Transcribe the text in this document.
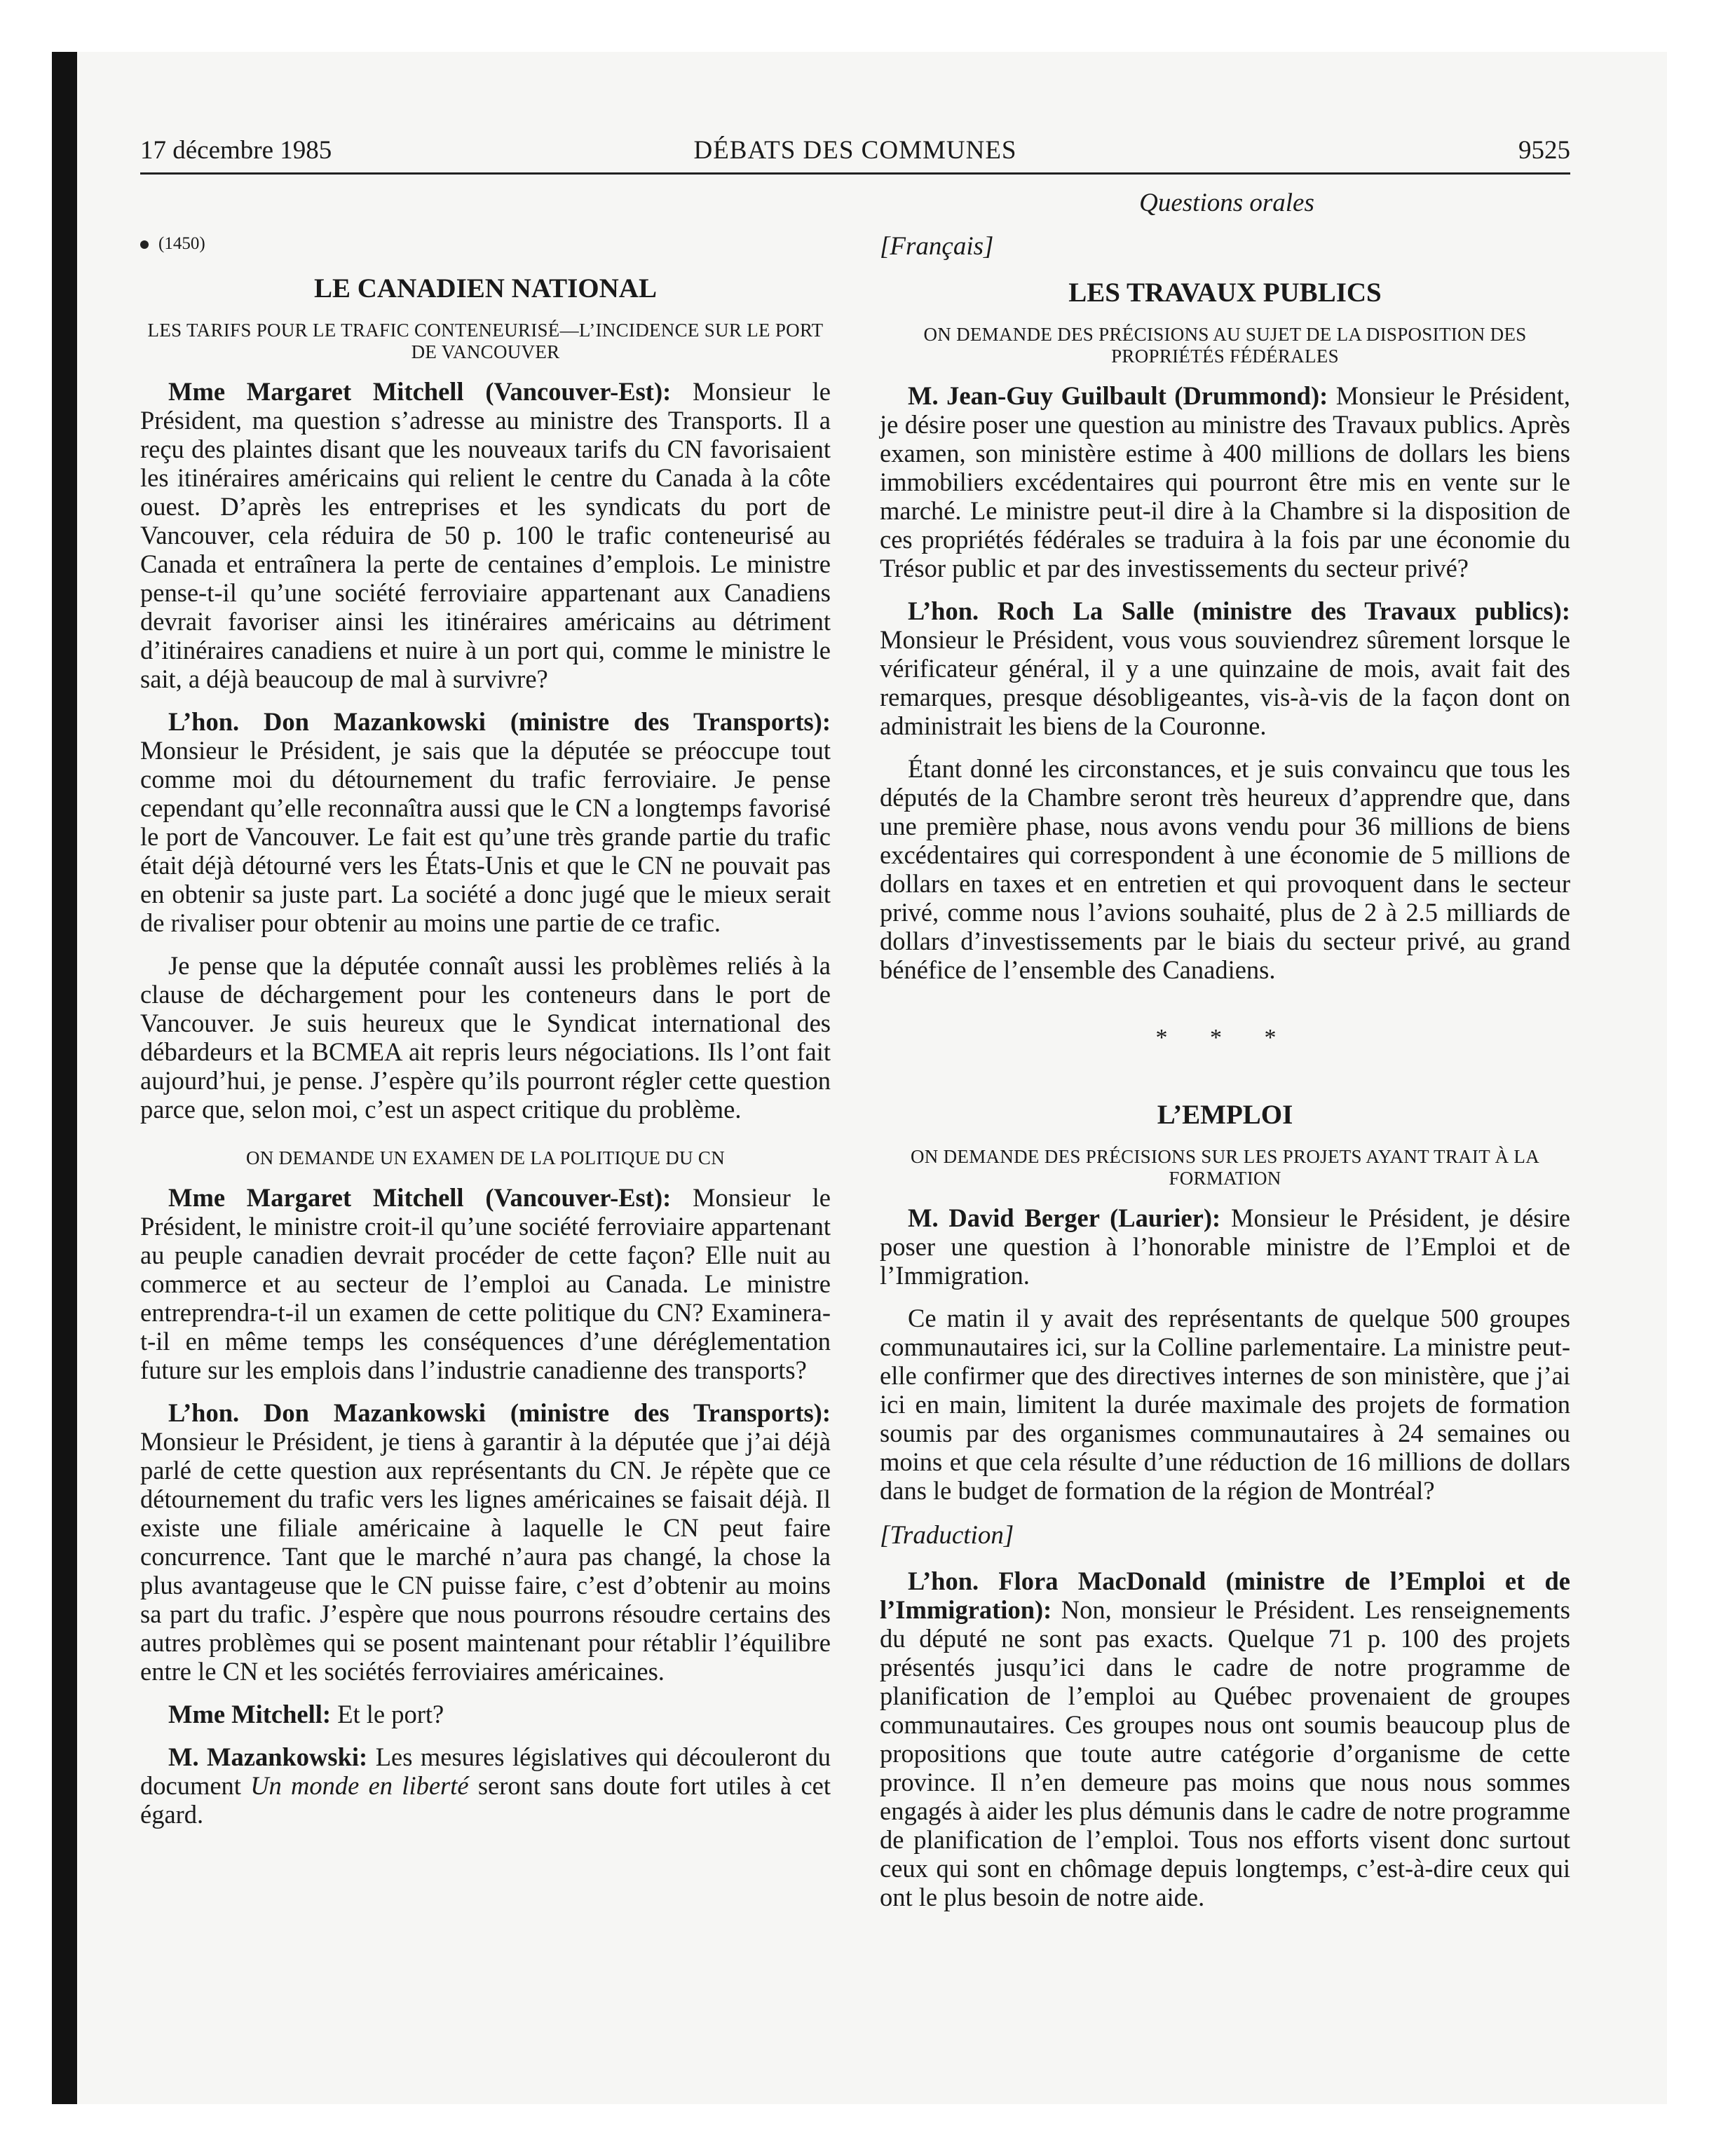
17 décembre 1985	DÉBATS DES COMMUNES	9525
Questions orales
(1450)
LE CANADIEN NATIONAL
LES TARIFS POUR LE TRAFIC CONTENEURISÉ—L’INCIDENCE SUR LE PORT DE VANCOUVER

Mme Margaret Mitchell (Vancouver-Est): Monsieur le Président, ma question s’adresse au ministre des Transports. Il a reçu des plaintes disant que les nouveaux tarifs du CN favorisaient les itinéraires américains qui relient le centre du Canada à la côte ouest. D’après les entreprises et les syndicats du port de Vancouver, cela réduira de 50 p. 100 le trafic conteneurisé au Canada et entraînera la perte de centaines d’emplois. Le ministre pense-t-il qu’une société ferroviaire appartenant aux Canadiens devrait favoriser ainsi les itinéraires américains au détriment d’itinéraires canadiens et nuire à un port qui, comme le ministre le sait, a déjà beaucoup de mal à survivre?

L’hon. Don Mazankowski (ministre des Transports): Monsieur le Président, je sais que la députée se préoccupe tout comme moi du détournement du trafic ferroviaire. Je pense cependant qu’elle reconnaîtra aussi que le CN a longtemps favorisé le port de Vancouver. Le fait est qu’une très grande partie du trafic était déjà détourné vers les États-Unis et que le CN ne pouvait pas en obtenir sa juste part. La société a donc jugé que le mieux serait de rivaliser pour obtenir au moins une partie de ce trafic.

Je pense que la députée connaît aussi les problèmes reliés à la clause de déchargement pour les conteneurs dans le port de Vancouver. Je suis heureux que le Syndicat international des débardeurs et la BCMEA ait repris leurs négociations. Ils l’ont fait aujourd’hui, je pense. J’espère qu’ils pourront régler cette question parce que, selon moi, c’est un aspect critique du problème.

ON DEMANDE UN EXAMEN DE LA POLITIQUE DU CN

Mme Margaret Mitchell (Vancouver-Est): Monsieur le Président, le ministre croit-il qu’une société ferroviaire appartenant au peuple canadien devrait procéder de cette façon? Elle nuit au commerce et au secteur de l’emploi au Canada. Le ministre entreprendra-t-il un examen de cette politique du CN? Examinera-t-il en même temps les conséquences d’une déréglementation future sur les emplois dans l’industrie canadienne des transports?

L’hon. Don Mazankowski (ministre des Transports): Monsieur le Président, je tiens à garantir à la députée que j’ai déjà parlé de cette question aux représentants du CN. Je répète que ce détournement du trafic vers les lignes américaines se faisait déjà. Il existe une filiale américaine à laquelle le CN peut faire concurrence. Tant que le marché n’aura pas changé, la chose la plus avantageuse que le CN puisse faire, c’est d’obtenir au moins sa part du trafic. J’espère que nous pourrons résoudre certains des autres problèmes qui se posent maintenant pour rétablir l’équilibre entre le CN et les sociétés ferroviaires américaines.

Mme Mitchell: Et le port?

M. Mazankowski: Les mesures législatives qui découleront du document Un monde en liberté seront sans doute fort utiles à cet égard.

[Français]
LES TRAVAUX PUBLICS
ON DEMANDE DES PRÉCISIONS AU SUJET DE LA DISPOSITION DES PROPRIÉTÉS FÉDÉRALES

M. Jean-Guy Guilbault (Drummond): Monsieur le Président, je désire poser une question au ministre des Travaux publics. Après examen, son ministère estime à 400 millions de dollars les biens immobiliers excédentaires qui pourront être mis en vente sur le marché. Le ministre peut-il dire à la Chambre si la disposition de ces propriétés fédérales se traduira à la fois par une économie du Trésor public et par des investissements du secteur privé?

L’hon. Roch La Salle (ministre des Travaux publics): Monsieur le Président, vous vous souviendrez sûrement lorsque le vérificateur général, il y a une quinzaine de mois, avait fait des remarques, presque désobligeantes, vis-à-vis de la façon dont on administrait les biens de la Couronne.

Étant donné les circonstances, et je suis convaincu que tous les députés de la Chambre seront très heureux d’apprendre que, dans une première phase, nous avons vendu pour 36 millions de biens excédentaires qui correspondent à une économie de 5 millions de dollars en taxes et en entretien et qui provoquent dans le secteur privé, comme nous l’avions souhaité, plus de 2 à 2.5 milliards de dollars d’investissements par le biais du secteur privé, au grand bénéfice de l’ensemble des Canadiens.

* * *
L’EMPLOI
ON DEMANDE DES PRÉCISIONS SUR LES PROJETS AYANT TRAIT À LA FORMATION

M. David Berger (Laurier): Monsieur le Président, je désire poser une question à l’honorable ministre de l’Emploi et de l’Immigration.

Ce matin il y avait des représentants de quelque 500 groupes communautaires ici, sur la Colline parlementaire. La ministre peut-elle confirmer que des directives internes de son ministère, que j’ai ici en main, limitent la durée maximale des projets de formation soumis par des organismes communautaires à 24 semaines ou moins et que cela résulte d’une réduction de 16 millions de dollars dans le budget de formation de la région de Montréal?

[Traduction]

L’hon. Flora MacDonald (ministre de l’Emploi et de l’Immigration): Non, monsieur le Président. Les renseignements du député ne sont pas exacts. Quelque 71 p. 100 des projets présentés jusqu’ici dans le cadre de notre programme de planification de l’emploi au Québec provenaient de groupes communautaires. Ces groupes nous ont soumis beaucoup plus de propositions que toute autre catégorie d’organisme de cette province. Il n’en demeure pas moins que nous nous sommes engagés à aider les plus démunis dans le cadre de notre programme de planification de l’emploi. Tous nos efforts visent donc surtout ceux qui sont en chômage depuis longtemps, c’est-à-dire ceux qui ont le plus besoin de notre aide.
